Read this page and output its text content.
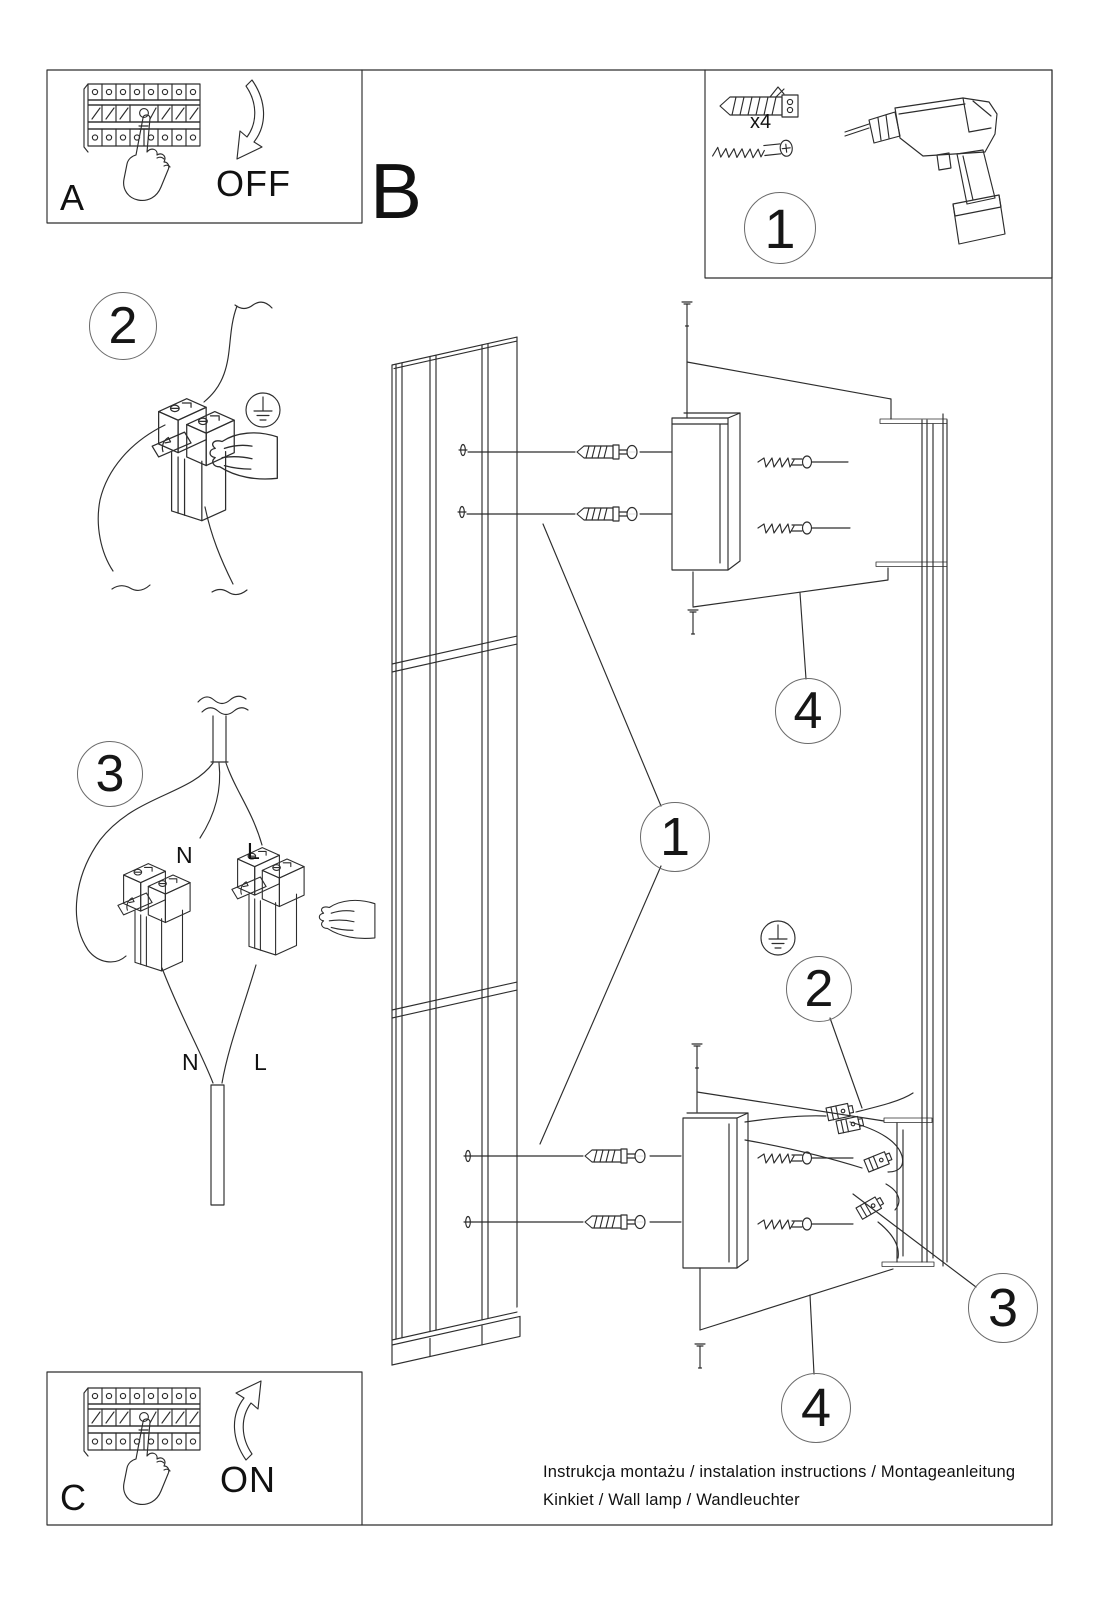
A	OFF B
C	ON
x4
1
2
3
N L
N L
1
2
3
4
4
Instrukcja montażu / instalation instructions / Montageanleitung
Kinkiet / Wall lamp / Wandleuchter
